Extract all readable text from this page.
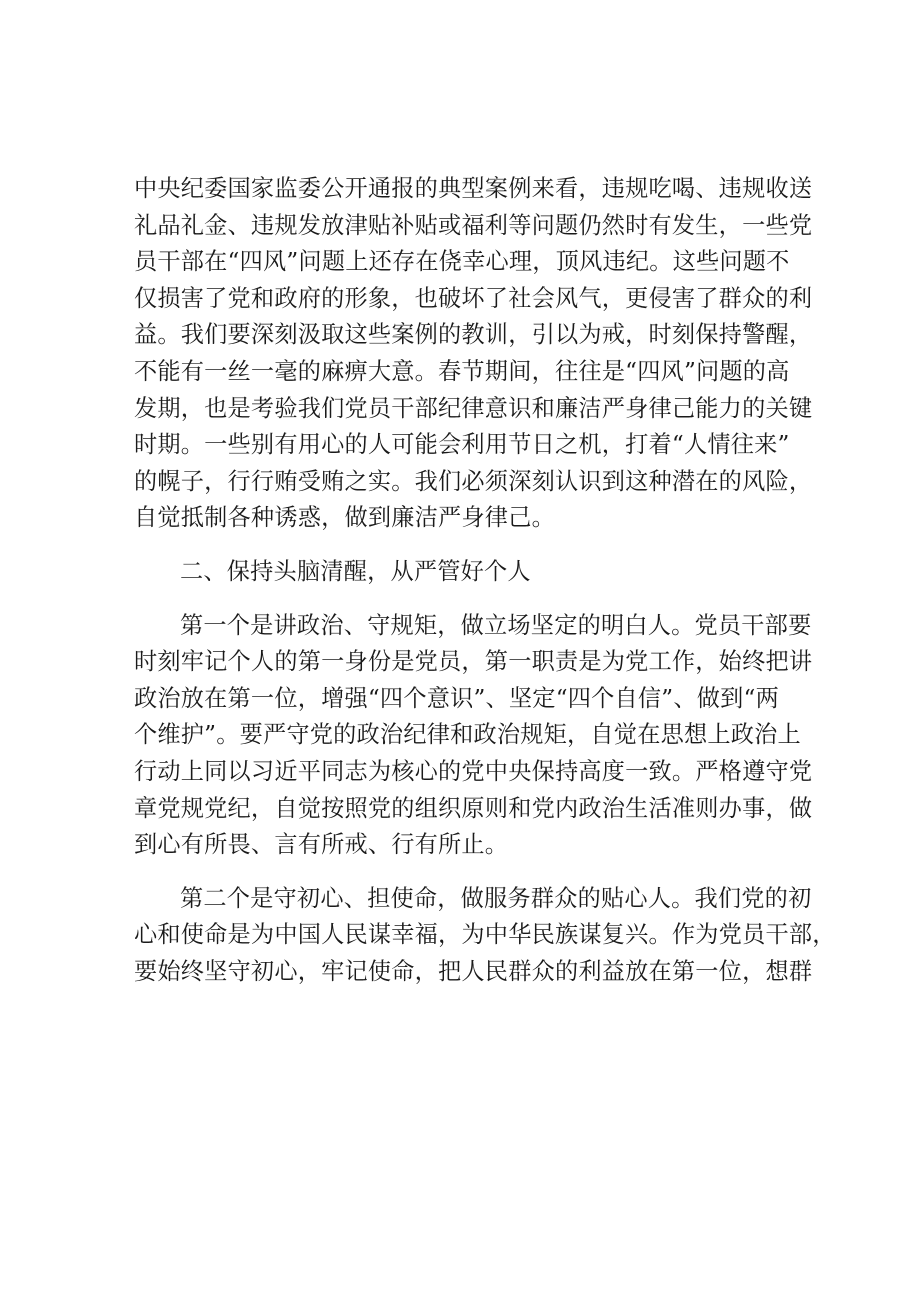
中央纪委国家监委公开通报的典型案例来看，违规吃喝、违规收送
礼品礼金、违规发放津贴补贴或福利等问题仍然时有发生，一些党
员干部在“四风”问题上还存在侥幸心理，顶风违纪。这些问题不
仅损害了党和政府的形象，也破坏了社会风气，更侵害了群众的利
益。我们要深刻汲取这些案例的教训，引以为戒，时刻保持警醒，
不能有一丝一毫的麻痹大意。春节期间，往往是“四风”问题的高
发期，也是考验我们党员干部纪律意识和廉洁严身律己能力的关键
时期。一些别有用心的人可能会利用节日之机，打着“人情往来”
的幌子，行行贿受贿之实。我们必须深刻认识到这种潜在的风险，
自觉抵制各种诱惑，做到廉洁严身律己。
二、保持头脑清醒，从严管好个人
第一个是讲政治、守规矩，做立场坚定的明白人。党员干部要
时刻牢记个人的第一身份是党员，第一职责是为党工作，始终把讲
政治放在第一位，增强“四个意识”、坚定“四个自信”、做到“两
个维护”。要严守党的政治纪律和政治规矩，自觉在思想上政治上
行动上同以习近平同志为核心的党中央保持高度一致。严格遵守党
章党规党纪，自觉按照党的组织原则和党内政治生活准则办事，做
到心有所畏、言有所戒、行有所止。
第二个是守初心、担使命，做服务群众的贴心人。我们党的初
心和使命是为中国人民谋幸福，为中华民族谋复兴。作为党员干部，
要始终坚守初心，牢记使命，把人民群众的利益放在第一位，想群
